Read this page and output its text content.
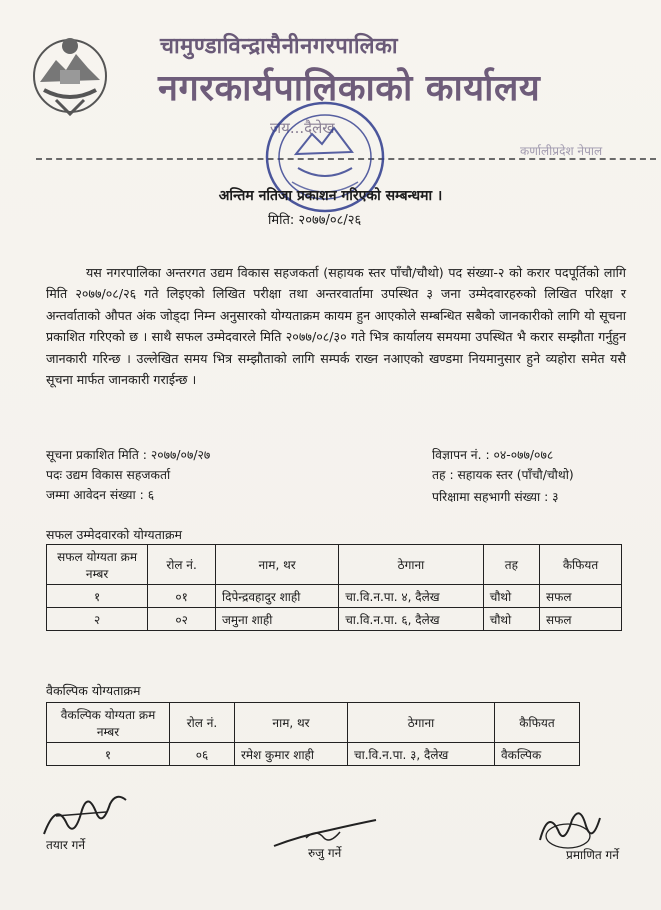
चामुण्डाविन्द्रासैनीनगरपालिका
नगरकार्यपालिकाको कार्यालय
जय...दैलेख
कर्णालीप्रदेश नेपाल
अन्तिम नतिजा प्रकाशन गरिएको सम्बन्धमा ।
मिति: २०७७/०८/२६
यस नगरपालिका अन्तरगत उद्यम विकास सहजकर्ता (सहायक स्तर पाँचौ/चौथो) पद संख्या-२ को करार पदपूर्तिको लागि मिति २०७७/०८/२६ गते लिइएको लिखित परीक्षा तथा अन्तरवार्तामा उपस्थित ३ जना उम्मेदवारहरुको लिखित परिक्षा र अन्तर्वाताको औपत अंक जोड्दा निम्न अनुसारको योग्यताक्रम कायम हुन आएकोले सम्बन्धित सबैको जानकारीको लागि यो सूचना प्रकाशित गरिएको छ । साथै सफल उम्मेदवारले मिति २०७७/०८/३० गते भित्र कार्यालय समयमा उपस्थित भै करार सम्झौता गर्नुहुन जानकारी गरिन्छ । उल्लेखित समय भित्र सम्झौताको लागि सम्पर्क राख्न नआएको खण्डमा नियमानुसार हुने व्यहोरा समेत यसै सूचना मार्फत जानकारी गराईन्छ ।
सूचना प्रकाशित मिति : २०७७/०७/२७
पदः उद्यम विकास सहजकर्ता
जम्मा आवेदन संख्या : ६
विज्ञापन नं. : ०४-०७७/०७८
तह : सहायक स्तर (पाँचौ/चौथो)
परिक्षामा सहभागी संख्या : ३
सफल उम्मेदवारको योग्यताक्रम
सफल योग्यता क्रम नम्बर	रोल नं.	नाम, थर	ठेगाना	तह	कैफियत
१	०१	दिपेन्द्रवहादुर शाही	चा.वि.न.पा. ४, दैलेख	चौथो	सफल
२	०२	जमुना शाही	चा.वि.न.पा. ६, दैलेख	चौथो	सफल
वैकल्पिक योग्यताक्रम
वैकल्पिक योग्यता क्रम नम्बर	रोल नं.	नाम, थर	ठेगाना	कैफियत
१	०६	रमेश कुमार शाही	चा.वि.न.पा. ३, दैलेख	वैकल्पिक
तयार गर्ने
रुजु गर्ने	प्रमाणित गर्ने
